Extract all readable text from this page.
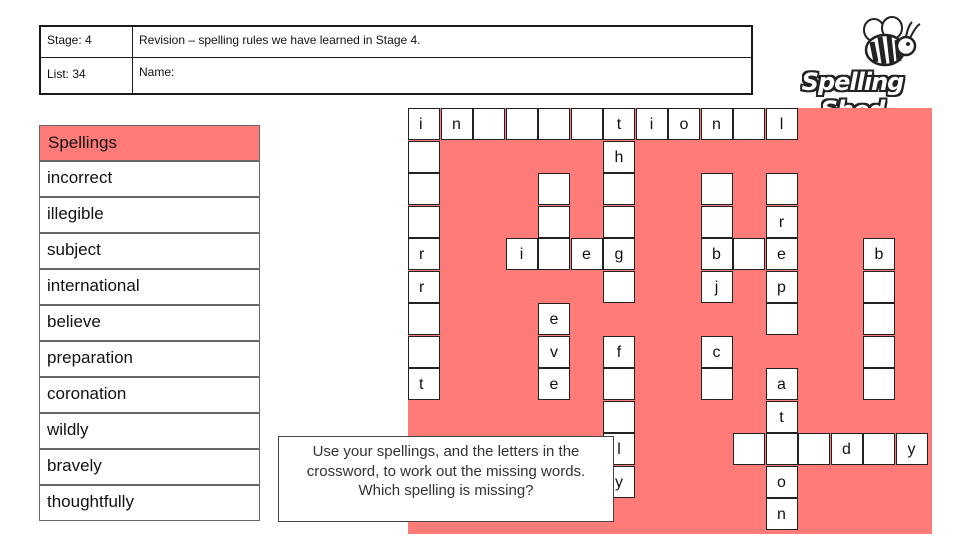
Stage: 4	Revision – spelling rules we have learned in Stage 4.
List: 34	Name:	Spelling
Spellings
incorrect
illegible
subject
international
believe
preparation
coronation
wildly
bravely
thoughtfully
i	n	t	i	o	n	l
h
r
r	i	e	g	b	e	b
r	j	p
e
v	f	c
t	e	a
t
l	d	y
y	o
n
Use your spellings, and the letters in the crossword, to work out the missing words. Which spelling is missing?
